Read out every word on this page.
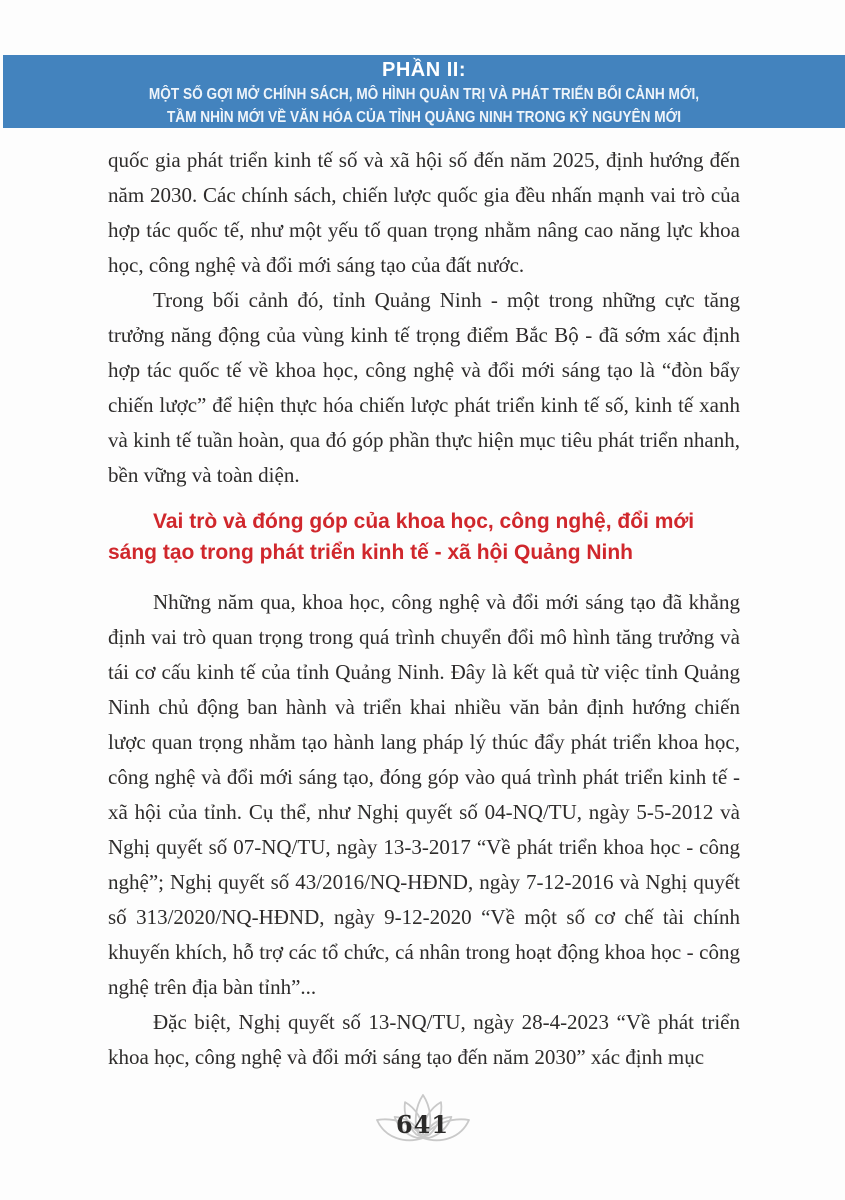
PHẦN II:
MỘT SỐ GỢI MỞ CHÍNH SÁCH, MÔ HÌNH QUẢN TRỊ VÀ PHÁT TRIỂN BỐI CẢNH MỚI,
TẦM NHÌN MỚI VỀ VĂN HÓA CỦA TỈNH QUẢNG NINH TRONG KỶ NGUYÊN MỚI

quốc gia phát triển kinh tế số và xã hội số đến năm 2025, định hướng đến năm 2030. Các chính sách, chiến lược quốc gia đều nhấn mạnh vai trò của hợp tác quốc tế, như một yếu tố quan trọng nhằm nâng cao năng lực khoa học, công nghệ và đổi mới sáng tạo của đất nước.

Trong bối cảnh đó, tỉnh Quảng Ninh - một trong những cực tăng trưởng năng động của vùng kinh tế trọng điểm Bắc Bộ - đã sớm xác định hợp tác quốc tế về khoa học, công nghệ và đổi mới sáng tạo là “đòn bẩy chiến lược” để hiện thực hóa chiến lược phát triển kinh tế số, kinh tế xanh và kinh tế tuần hoàn, qua đó góp phần thực hiện mục tiêu phát triển nhanh, bền vững và toàn diện.

Vai trò và đóng góp của khoa học, công nghệ, đổi mới sáng tạo trong phát triển kinh tế - xã hội Quảng Ninh

Những năm qua, khoa học, công nghệ và đổi mới sáng tạo đã khẳng định vai trò quan trọng trong quá trình chuyển đổi mô hình tăng trưởng và tái cơ cấu kinh tế của tỉnh Quảng Ninh. Đây là kết quả từ việc tỉnh Quảng Ninh chủ động ban hành và triển khai nhiều văn bản định hướng chiến lược quan trọng nhằm tạo hành lang pháp lý thúc đẩy phát triển khoa học, công nghệ và đổi mới sáng tạo, đóng góp vào quá trình phát triển kinh tế - xã hội của tỉnh. Cụ thể, như Nghị quyết số 04-NQ/TU, ngày 5-5-2012 và Nghị quyết số 07-NQ/TU, ngày 13-3-2017 “Về phát triển khoa học - công nghệ”; Nghị quyết số 43/2016/NQ-HĐND, ngày 7-12-2016 và Nghị quyết số 313/2020/NQ-HĐND, ngày 9-12-2020 “Về một số cơ chế tài chính khuyến khích, hỗ trợ các tổ chức, cá nhân trong hoạt động khoa học - công nghệ trên địa bàn tỉnh”...

Đặc biệt, Nghị quyết số 13-NQ/TU, ngày 28-4-2023 “Về phát triển khoa học, công nghệ và đổi mới sáng tạo đến năm 2030” xác định mục

641
